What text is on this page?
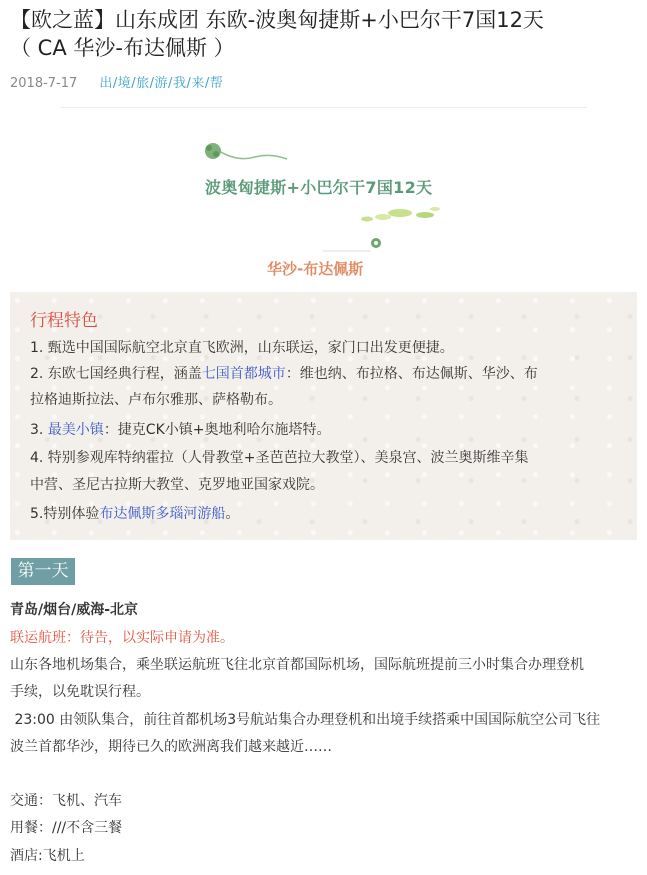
【欧之蓝】山东成团 东欧-波奥匈捷斯+小巴尔干7国12天
（ CA 华沙-布达佩斯 ）
2018-7-17 出/境/旅/游/我/来/帮
波奥匈捷斯+小巴尔干7国12天
华沙-布达佩斯
行程特色
1. 甄选中国国际航空北京直飞欧洲，山东联运，家门口出发更便捷。
2. 东欧七国经典行程，涵盖七国首都城市：维也纳、布拉格、布达佩斯、华沙、布
拉格迪斯拉法、卢布尔雅那、萨格勒布。
3. 最美小镇：捷克CK小镇+奥地利哈尔施塔特。
4. 特别参观库特纳霍拉（人骨教堂+圣芭芭拉大教堂）、美泉宫、波兰奥斯维辛集
中营、圣尼古拉斯大教堂、克罗地亚国家戏院。
5.特别体验布达佩斯多瑙河游船。
第一天
青岛/烟台/威海-北京
联运航班：待告，以实际申请为准。
山东各地机场集合，乘坐联运航班飞往北京首都国际机场，国际航班提前三小时集合办理登机
手续，以免耽误行程。
23:00 由领队集合，前往首都机场3号航站集合办理登机和出境手续搭乘中国国际航空公司飞往
波兰首都华沙，期待已久的欧洲离我们越来越近……
交通：飞机、汽车
用餐：///不含三餐
酒店:飞机上
